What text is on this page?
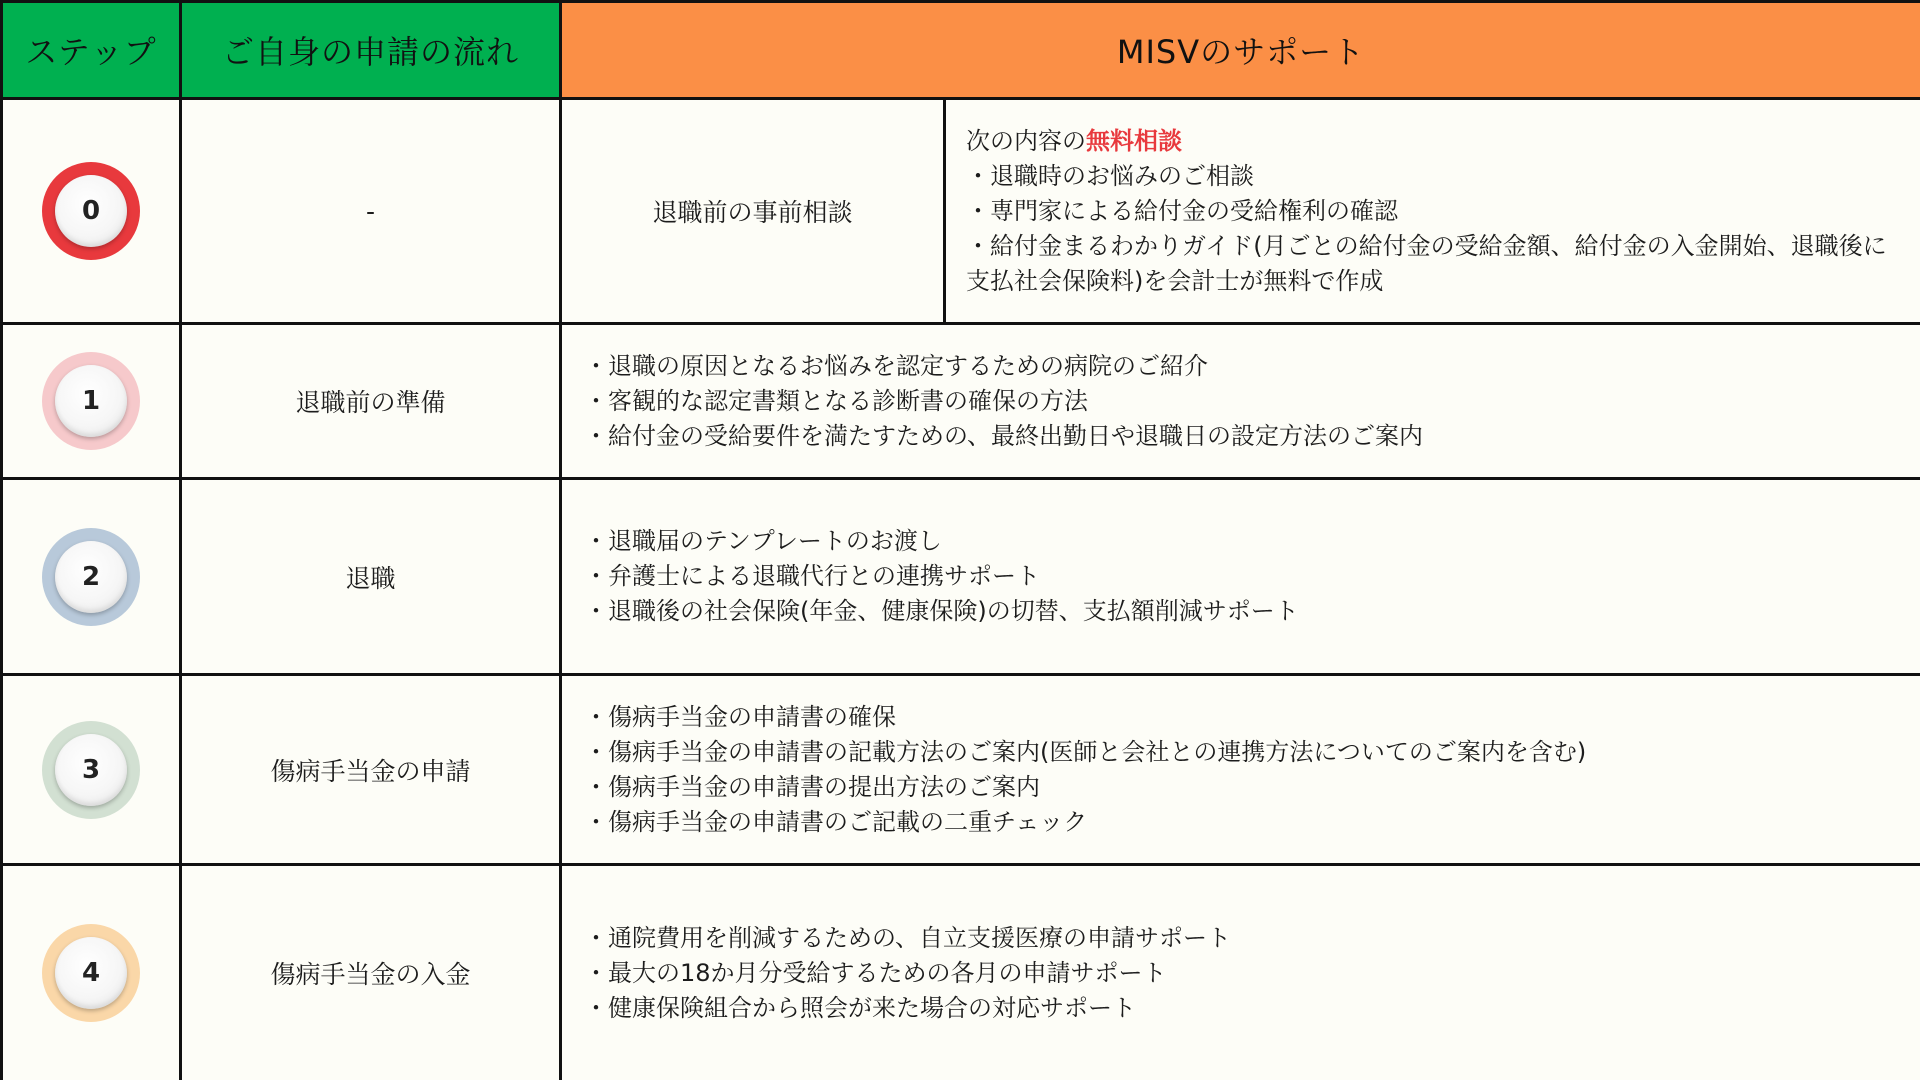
ステップ	ご自身の申請の流れ	MISVのサポート	

0	-	退職前の事前相談	次の内容の無料相談
・退職時のお悩みのご相談
・専門家による給付金の受給権利の確認
・給付金まるわかりガイド(月ごとの給付金の受給金額、給付金の入金開始、退職後に支払社会保険料)を会計士が無料で作成

1	退職前の準備	・退職の原因となるお悩みを認定するための病院のご紹介
・客観的な認定書類となる診断書の確保の方法
・給付金の受給要件を満たすための、最終出勤日や退職日の設定方法のご案内	

2	退職	・退職届のテンプレートのお渡し
・弁護士による退職代行との連携サポート
・退職後の社会保険(年金、健康保険)の切替、支払額削減サポート	

3	傷病手当金の申請	・傷病手当金の申請書の確保
・傷病手当金の申請書の記載方法のご案内(医師と会社との連携方法についてのご案内を含む)
・傷病手当金の申請書の提出方法のご案内
・傷病手当金の申請書のご記載の二重チェック	

4	傷病手当金の入金	・通院費用を削減するための、自立支援医療の申請サポート
・最大の18か月分受給するための各月の申請サポート
・健康保険組合から照会が来た場合の対応サポート	
